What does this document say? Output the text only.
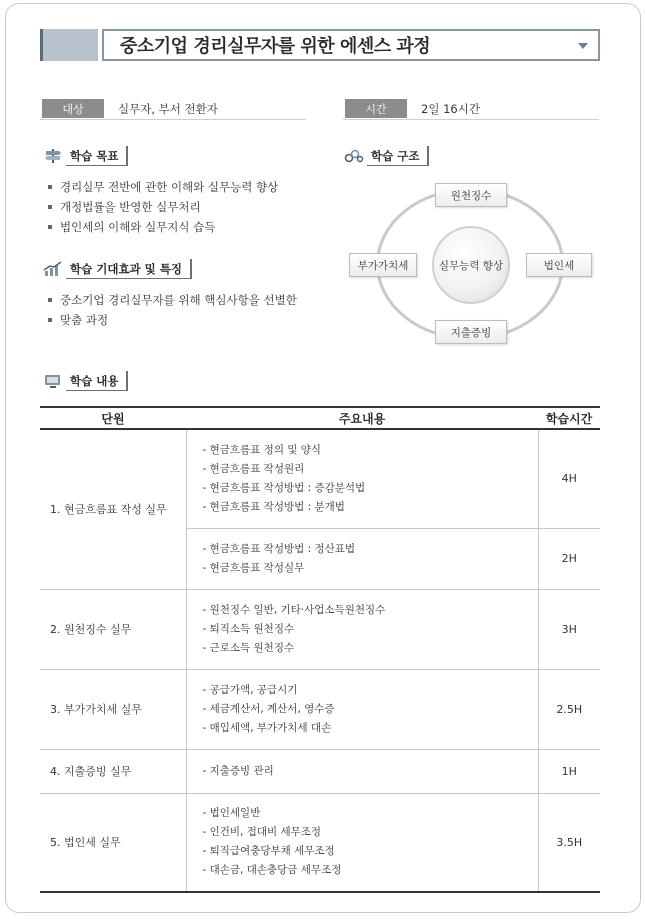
중소기업 경리실무자를 위한 에센스 과정
대상	실무자, 부서 전환자	시간	2일 16시간
학습 목표
경리실무 전반에 관한 이해와 실무능력 향상
개정법률을 반영한 실무처리
법인세의 이해와 실무지식 습득
학습 기대효과 및 특징
중소기업 경리실무자를 위해 핵심사항을 선별한
맞춤 과정
학습 구조
실무능력 향상
원천징수
법인세
지출증빙
부가가치세
학습 내용
단원	주요내용	학습시간
1. 현금흐름표 작성 실무	- 현금흐름표 정의 및 양식
- 현금흐름표 작성원리
- 현금흐름표 작성방법 : 증감분석법
- 현금흐름표 작성방법 : 분개법	4H

	- 현금흐름표 작성방법 : 정산표법
- 현금흐름표 작성실무	2H
2. 원천징수 실무	- 원천징수 일반, 기타·사업소득원천징수
- 퇴직소득 원천징수
- 근로소득 원천징수	3H
3. 부가가치세 실무	- 공급가액, 공급시기
- 세금계산서, 계산서, 영수증
- 매입세액, 부가가치세 대손	2.5H
4. 지출증빙 실무	- 지출증빙 관리	1H
5. 법인세 실무	- 법인세일반
- 인건비, 접대비 세무조정
- 퇴직급여충당부채 세무조정
- 대손금, 대손충당금 세무조정	3.5H
